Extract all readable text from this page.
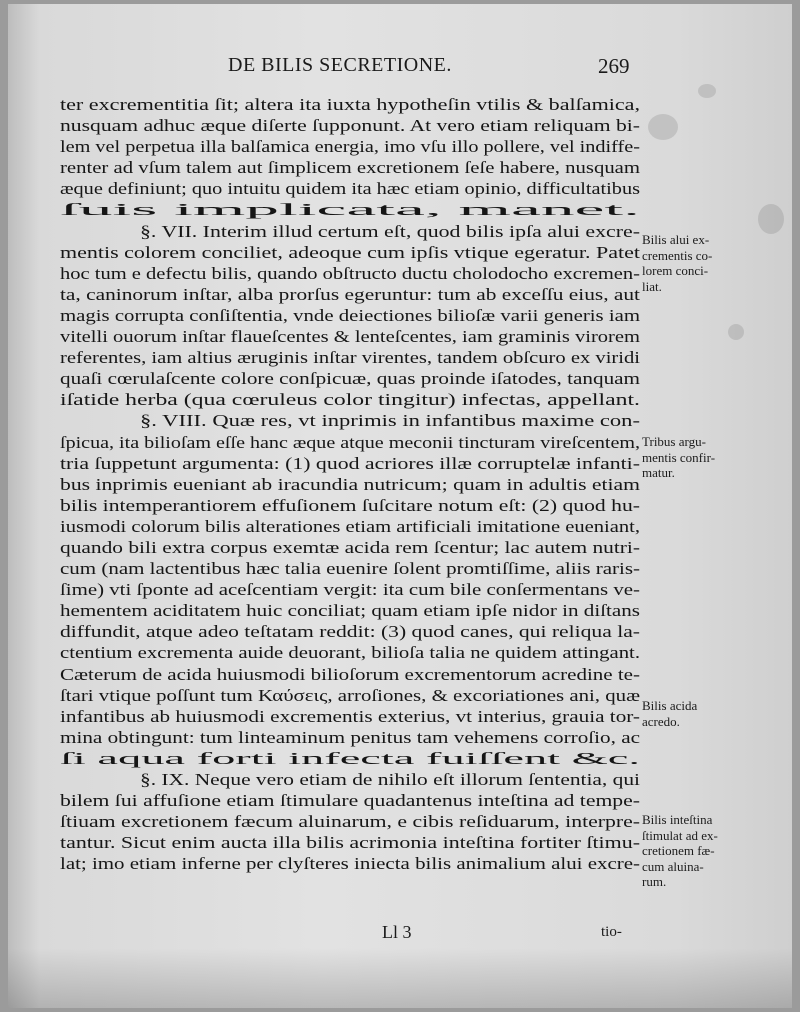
DE BILIS SECRETIONE.	269
ter excrementitia ſit; altera ita iuxta hypotheſin vtilis & balſamica,
nusquam adhuc æque diſerte ſupponunt. At vero etiam reliquam bi-
lem vel perpetua illa balſamica energia, imo vſu illo pollere, vel indiffe-
renter ad vſum talem aut ſimplicem excretionem ſeſe habere, nusquam
æque definiunt; quo intuitu quidem ita hæc etiam opinio, difficultatibus
ſuis implicata, manet.
§. VII. Interim illud certum eſt, quod bilis ipſa alui excre-
mentis colorem conciliet, adeoque cum ipſis vtique egeratur. Patet
hoc tum e defectu bilis, quando obſtructo ductu cholodocho excremen-
ta, caninorum inſtar, alba prorſus egeruntur: tum ab exceſſu eius, aut
magis corrupta conſiſtentia, vnde deiectiones bilioſæ varii generis iam
vitelli ouorum inſtar flaueſcentes & lenteſcentes, iam graminis virorem
referentes, iam altius æruginis inſtar virentes, tandem obſcuro ex viridi
quaſi cœrulaſcente colore conſpicuæ, quas proinde iſatodes, tanquam
iſatide herba (qua cœruleus color tingitur) infectas, appellant.
§. VIII. Quæ res, vt inprimis in infantibus maxime con-
ſpicua, ita bilioſam eſſe hanc æque atque meconii tincturam vireſcentem,
tria ſuppetunt argumenta: (1) quod acriores illæ corruptelæ infanti-
bus inprimis eueniant ab iracundia nutricum; quam in adultis etiam
bilis intemperantiorem effuſionem ſuſcitare notum eſt: (2) quod hu-
iusmodi colorum bilis alterationes etiam artificiali imitatione eueniant,
quando bili extra corpus exemtæ acida rem ſcentur; lac autem nutri-
cum (nam lactentibus hæc talia euenire ſolent promtiſſime, aliis raris-
ſime) vti ſponte ad aceſcentiam vergit: ita cum bile conſermentans ve-
hementem aciditatem huic conciliat; quam etiam ipſe nidor in diſtans
diffundit, atque adeo teſtatam reddit: (3) quod canes, qui reliqua la-
ctentium excrementa auide deuorant, bilioſa talia ne quidem attingant.
Cæterum de acida huiusmodi bilioſorum excrementorum acredine te-
ſtari vtique poſſunt tum Καύσεις, arroſiones, & excoriationes ani, quæ
infantibus ab huiusmodi excrementis exterius, vt interius, grauia tor-
mina obtingunt: tum linteaminum penitus tam vehemens corroſio, ac
ſi aqua forti infecta fuiſſent &c.
§. IX. Neque vero etiam de nihilo eſt illorum ſententia, qui
bilem ſui affuſione etiam ſtimulare quadantenus inteſtina ad tempe-
ſtiuam excretionem fæcum aluinarum, e cibis reſiduarum, interpre-
tantur. Sicut enim aucta illa bilis acrimonia inteſtina fortiter ſtimu-
lat; imo etiam inferne per clyſteres iniecta bilis animalium alui excre-
Bilis alui ex-
crementis co-
lorem conci-
liat.
Tribus argu-
mentis confir-
matur.
Bilis acida
acredo.
Bilis inteſtina
ſtimulat ad ex-
cretionem fæ-
cum aluina-
rum.
Ll 3	tio-
